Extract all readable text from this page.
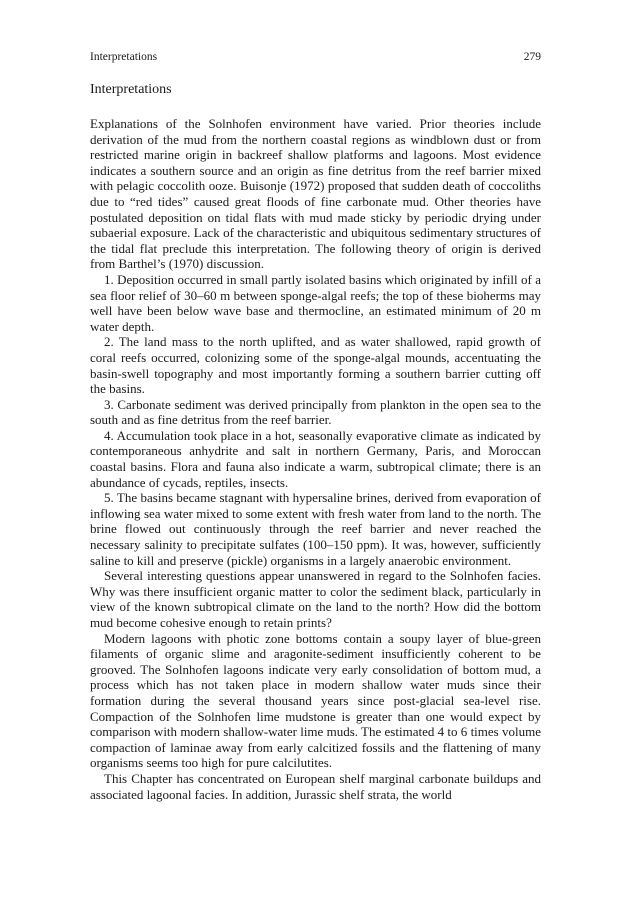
Interpretations	279
Interpretations

Explanations of the Solnhofen environment have varied. Prior theories include derivation of the mud from the northern coastal regions as windblown dust or from restricted marine origin in backreef shallow platforms and lagoons. Most evidence indicates a southern source and an origin as fine detritus from the reef barrier mixed with pelagic coccolith ooze. Buisonje (1972) proposed that sudden death of coccoliths due to “red tides” caused great floods of fine carbonate mud. Other theories have postulated deposition on tidal flats with mud made sticky by periodic drying under subaerial exposure. Lack of the characteristic and ubiquitous sedimentary structures of the tidal flat preclude this interpretation. The following theory of origin is derived from Barthel’s (1970) discussion.

1. Deposition occurred in small partly isolated basins which originated by infill of a sea floor relief of 30–60 m between sponge-algal reefs; the top of these bioherms may well have been below wave base and thermocline, an estimated minimum of 20 m water depth.

2. The land mass to the north uplifted, and as water shallowed, rapid growth of coral reefs occurred, colonizing some of the sponge-algal mounds, accentuating the basin-swell topography and most importantly forming a southern barrier cutting off the basins.

3. Carbonate sediment was derived principally from plankton in the open sea to the south and as fine detritus from the reef barrier.

4. Accumulation took place in a hot, seasonally evaporative climate as indicated by contemporaneous anhydrite and salt in northern Germany, Paris, and Moroccan coastal basins. Flora and fauna also indicate a warm, subtropical climate; there is an abundance of cycads, reptiles, insects.

5. The basins became stagnant with hypersaline brines, derived from evaporation of inflowing sea water mixed to some extent with fresh water from land to the north. The brine flowed out continuously through the reef barrier and never reached the necessary salinity to precipitate sulfates (100–150 ppm). It was, however, sufficiently saline to kill and preserve (pickle) organisms in a largely anaerobic environment.

Several interesting questions appear unanswered in regard to the Solnhofen facies. Why was there insufficient organic matter to color the sediment black, particularly in view of the known subtropical climate on the land to the north? How did the bottom mud become cohesive enough to retain prints?

Modern lagoons with photic zone bottoms contain a soupy layer of blue-green filaments of organic slime and aragonite-sediment insufficiently coherent to be grooved. The Solnhofen lagoons indicate very early consolidation of bottom mud, a process which has not taken place in modern shallow water muds since their formation during the several thousand years since post-glacial sea-level rise. Compaction of the Solnhofen lime mudstone is greater than one would expect by comparison with modern shallow-water lime muds. The estimated 4 to 6 times volume compaction of laminae away from early calcitized fossils and the flattening of many organisms seems too high for pure calcilutites.

This Chapter has concentrated on European shelf marginal carbonate buildups and associated lagoonal facies. In addition, Jurassic shelf strata, the world
